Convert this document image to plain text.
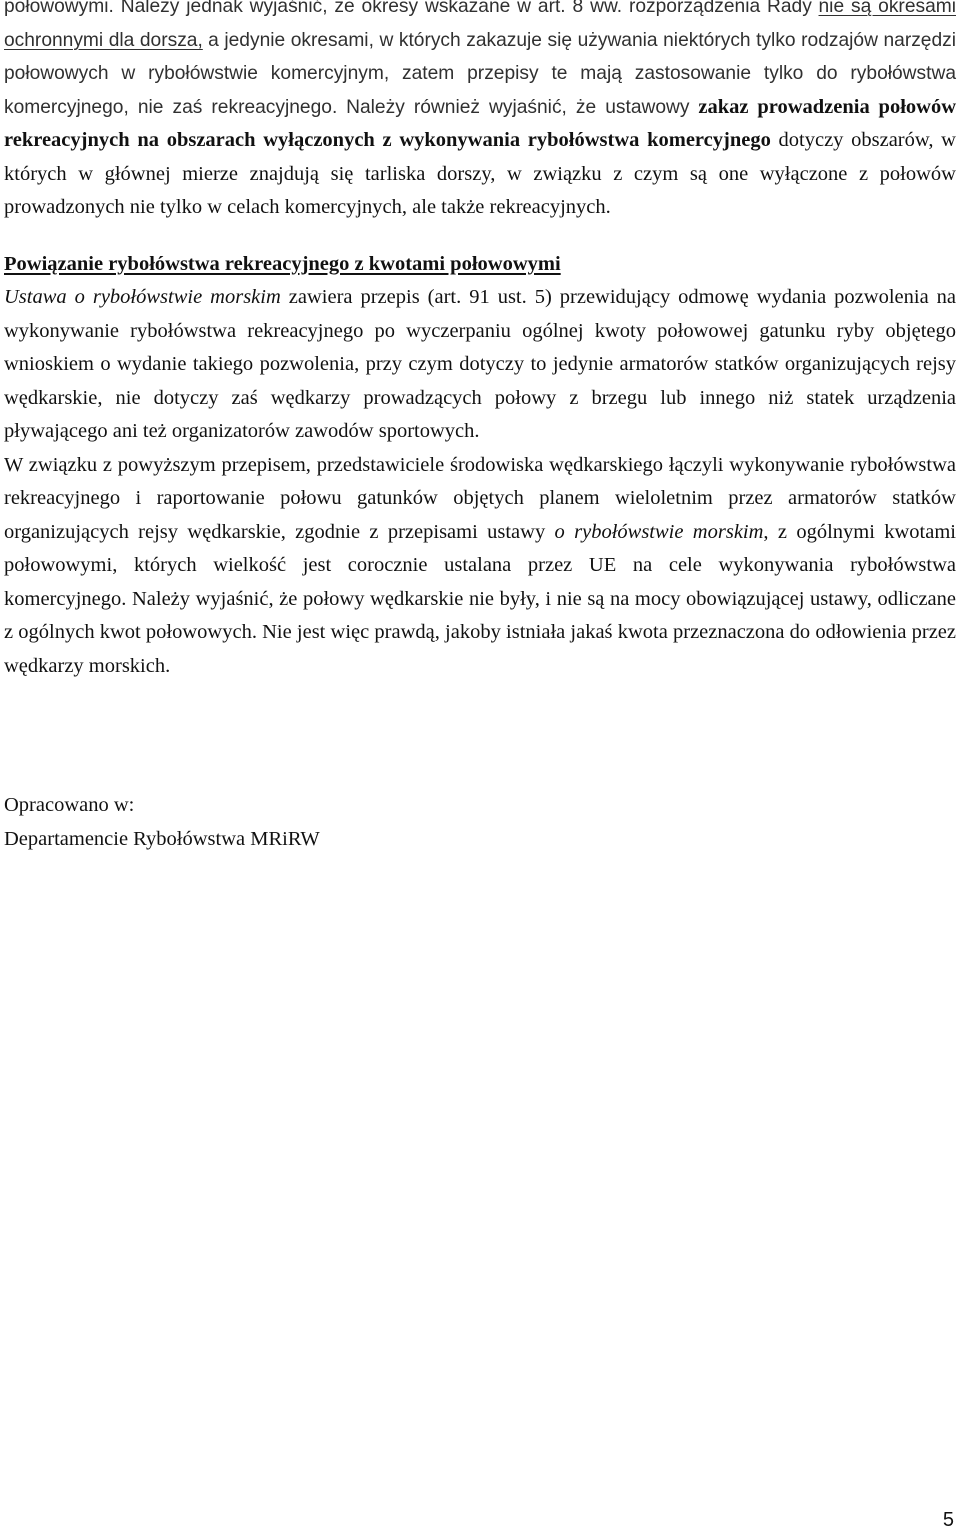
połowowymi. Należy jednak wyjaśnić, że okresy wskazane w art. 8 ww. rozporządzenia Rady nie są okresami ochronnymi dla dorsza, a jedynie okresami, w których zakazuje się używania niektórych tylko rodzajów narzędzi połowowych w rybołówstwie komercyjnym, zatem przepisy te mają zastosowanie tylko do rybołówstwa komercyjnego, nie zaś rekreacyjnego. Należy również wyjaśnić, że ustawowy zakaz prowadzenia połowów rekreacyjnych na obszarach wyłączonych z wykonywania rybołówstwa komercyjnego dotyczy obszarów, w których w głównej mierze znajdują się tarliska dorszy, w związku z czym są one wyłączone z połowów prowadzonych nie tylko w celach komercyjnych, ale także rekreacyjnych.

Powiązanie rybołówstwa rekreacyjnego z kwotami połowowymi

Ustawa o rybołówstwie morskim zawiera przepis (art. 91 ust. 5) przewidujący odmowę wydania pozwolenia na wykonywanie rybołówstwa rekreacyjnego po wyczerpaniu ogólnej kwoty połowowej gatunku ryby objętego wnioskiem o wydanie takiego pozwolenia, przy czym dotyczy to jedynie armatorów statków organizujących rejsy wędkarskie, nie dotyczy zaś wędkarzy prowadzących połowy z brzegu lub innego niż statek urządzenia pływającego ani też organizatorów zawodów sportowych.

W związku z powyższym przepisem, przedstawiciele środowiska wędkarskiego łączyli wykonywanie rybołówstwa rekreacyjnego i raportowanie połowu gatunków objętych planem wieloletnim przez armatorów statków organizujących rejsy wędkarskie, zgodnie z przepisami ustawy o rybołówstwie morskim, z ogólnymi kwotami połowowymi, których wielkość jest corocznie ustalana przez UE na cele wykonywania rybołówstwa komercyjnego. Należy wyjaśnić, że połowy wędkarskie nie były, i nie są na mocy obowiązującej ustawy, odliczane z ogólnych kwot połowowych. Nie jest więc prawdą, jakoby istniała jakaś kwota przeznaczona do odłowienia przez wędkarzy morskich.

Opracowano w:
Departamencie Rybołówstwa MRiRW

5
